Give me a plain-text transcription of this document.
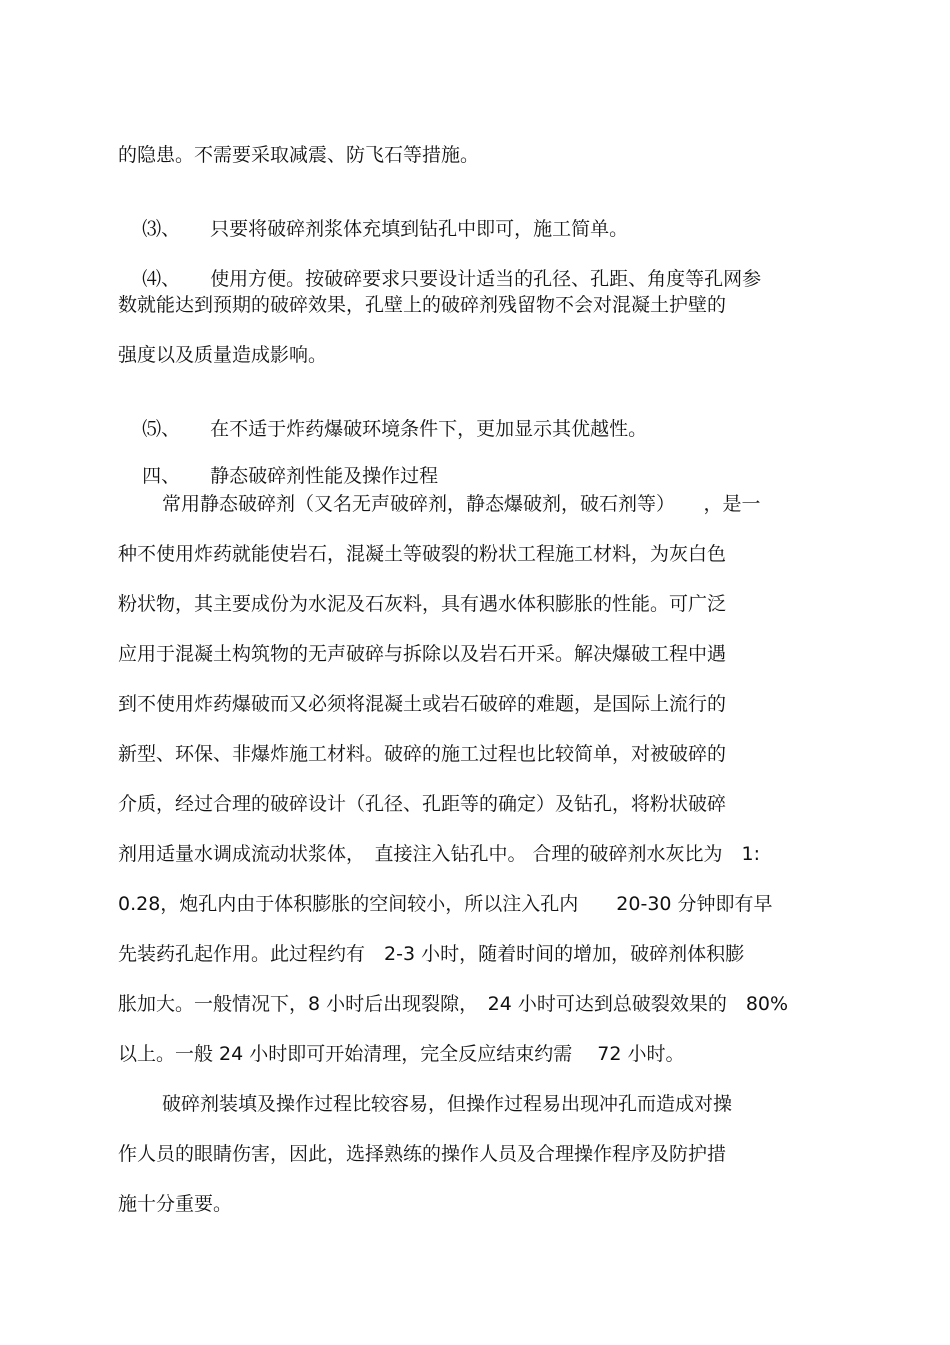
的隐患。不需要采取减震、防飞石等措施。

⑶、 只要将破碎剂浆体充填到钻孔中即可，施工简单。

⑷、 使用方便。按破碎要求只要设计适当的孔径、孔距、角度等孔网参

数就能达到预期的破碎效果，孔壁上的破碎剂残留物不会对混凝土护壁的
强度以及质量造成影响。

⑸、 在不适于炸药爆破环境条件下，更加显示其优越性。

四、 静态破碎剂性能及操作过程

常用静态破碎剂（又名无声破碎剂，静态爆破剂，破石剂等）　　，是一
种不使用炸药就能使岩石，混凝土等破裂的粉状工程施工材料，为灰白色
粉状物，其主要成份为水泥及石灰料，具有遇水体积膨胀的性能。可广泛
应用于混凝土构筑物的无声破碎与拆除以及岩石开采。解决爆破工程中遇
到不使用炸药爆破而又必须将混凝土或岩石破碎的难题，是国际上流行的
新型、环保、非爆炸施工材料。破碎的施工过程也比较简单，对被破碎的
介质，经过合理的破碎设计（孔径、孔距等的确定）及钻孔，将粉状破碎
剂用适量水调成流动状浆体，　直接注入钻孔中。 合理的破碎剂水灰比为　1:
0.28，炮孔内由于体积膨胀的空间较小，所以注入孔内　　20-30 分钟即有早
先装药孔起作用。此过程约有　2-3 小时，随着时间的增加，破碎剂体积膨
胀加大。一般情况下，8 小时后出现裂隙，　24 小时可达到总破裂效果的　80%
以上。一般 24 小时即可开始清理，完全反应结束约需　 72 小时。
破碎剂装填及操作过程比较容易，但操作过程易出现冲孔而造成对操
作人员的眼睛伤害，因此，选择熟练的操作人员及合理操作程序及防护措
施十分重要。
